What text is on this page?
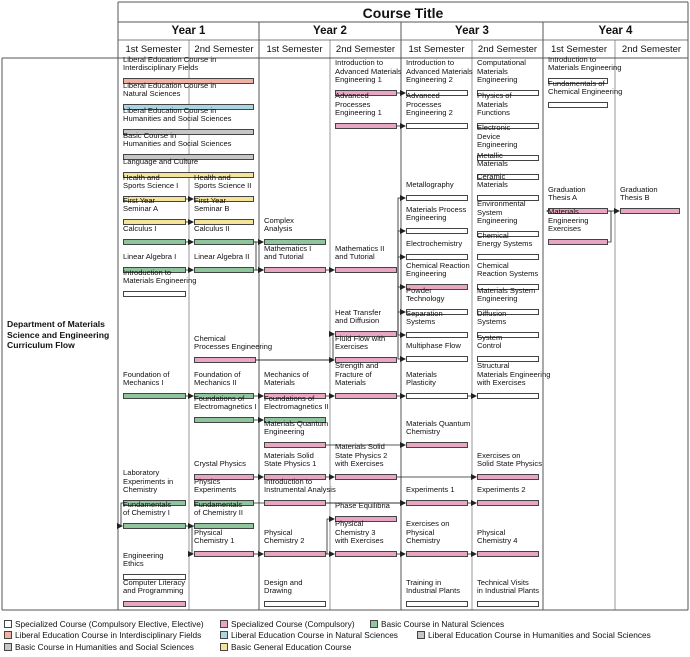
Course Title
Year 1	Year 2	Year 3	Year 4
1st Semester	2nd Semester	1st Semester	2nd Semester	1st Semester	2nd Semester	1st Semester	2nd Semester
Department of Materials Science and Engineering Curriculum Flow
Liberal Education Course in
Interdisciplinary Fields
Liberal Education Course in
Natural Sciences
Liberal Education Course in
Humanities and Social Sciences
Basic Course in
Humanities and Social Sciences
Language and Culture
Health and
Sports Science I
Health and
Sports Science II
First Year
Seminar A
First Year
Seminar B
Calculus I	Calculus II
Linear Algebra I Linear Algebra II
Introduction to
Materials Engineering
Chemical
Processes Engineering
Foundation of
Mechanics I
Foundation of
Mechanics II
Foundations of
Electromagnetics I
Laboratory
Experiments in
Chemistry
Crystal Physics
Physics
Experiments
Fundamentals
of Chemistry I
Fundamentals
of Chemistry II
Physical
Chemistry 1
Engineering
Ethics
Computer Literacy
and Programming
Complex
Analysis
Mathematics I
and Tutorial
Mechanics of
Materials
Foundations of
Electromagnetics II
Materials Quantum
Engineering
Materials Solid
State Physics 1
Introduction to
Instrumental Analysis
Physical
Chemistry 2
Design and
Drawing
Introduction to
Advanced Materials
Engineering 1
Advanced
Processes
Engineering 1
Mathematics II
and Tutorial
Heat Transfer
and Diffusion
Fluid Flow with
Exercises
Strength and
Fracture of
Materials
Materials Solid
State Physics 2
with Exercises
Phase Equilibria
Physical
Chemistry 3
with Exercises
Introduction to
Advanced Materials
Engineering 2
Advanced
Processes
Engineering 2
Metallography
Materials Process
Engineering
Electrochemistry
Chemical Reaction
Engineering
Powder
Technology
Separation
Systems
Multiphase Flow
Materials
Plasticity
Materials Quantum
Chemistry
Experiments 1
Exercises on
Physical
Chemistry
Training in
Industrial Plants
Computational
Materials
Engineering
Physics of
Materials
Functions
Electronic
Device
Engineering
Metallic
Materials
Ceramic
Materials
Environmental
System
Engineering
Chemical
Energy Systems
Chemical
Reaction Systems
Materials System
Engineering
Diffusion
Systems
System
Control
Structural
Materials Engineering
with Exercises
Exercises on
Solid State Physics
Experiments 2
Physical
Chemistry 4
Technical Visits
in Industrial Plants
Introduction to
Materials Engineering
Fundamentals of
Chemical Engineering
Graduation
Thesis A
Materials
Engineering
Exercises
Graduation
Thesis B
Specialized Course (Compulsory Elective, Elective)	Specialized Course (Compulsory)	Basic Course in Natural Sciences
Liberal Education Course in Interdisciplinary Fields	Liberal Education Course in Natural Sciences	Liberal Education Course in Humanities and Social Sciences
Basic Course in Humanities and Social Sciences	Basic General Education Course
